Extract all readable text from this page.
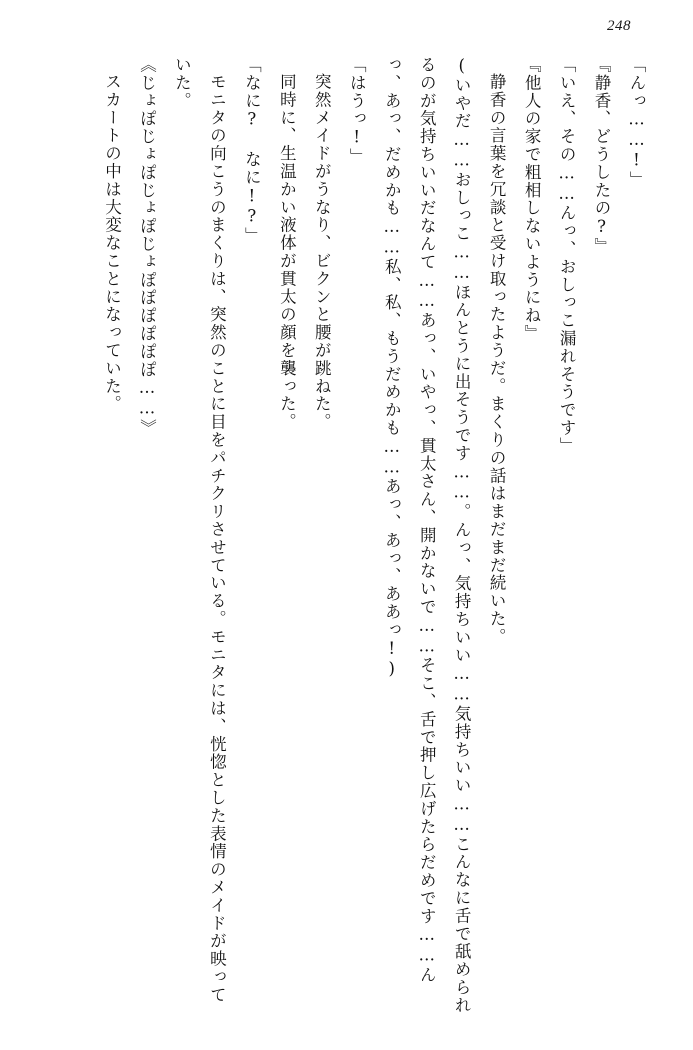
248

「んっ……!」

『静香、どうしたの?』

「いえ、その……んっ、おしっこ漏れそうです」

『他人の家で粗相しないようにね』

静香の言葉を冗談と受け取ったようだ。まくりの話はまだまだ続いた。

(いやだ……おしっこ……ほんとうに出そうです……。んっ、気持ちいい……気持ちいい……こんなに舌で舐められるのが気持ちいいだなんて……あっ、いやっ、貫太さん、開かないで……そこ、舌で押し広げたらだめです……んっ、あっ、だめかも……私、私、もうだめかも……あっ、あっ、ああっ!)

「はうっ!」

突然メイドがうなり、ビクンと腰が跳ねた。

同時に、生温かい液体が貫太の顔を襲った。

「なに? なに!?」

モニタの向こうのまくりは、突然のことに目をパチクリさせている。モニタには、恍惚とした表情のメイドが映っていた。

《じょぽじょぽじょぽじょぽぽぽぽぽぽ……》

スカートの中は大変なことになっていた。
